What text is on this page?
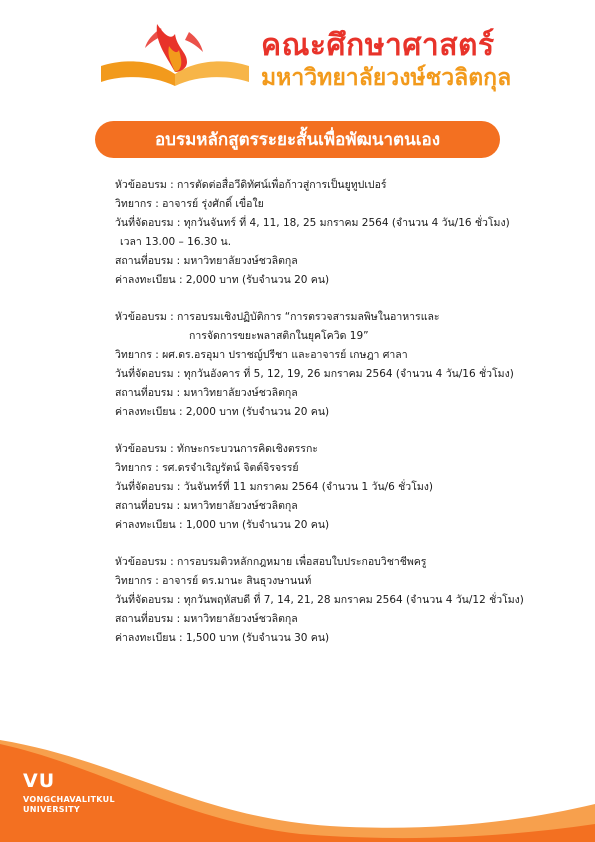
คณะศึกษาศาสตร์
มหาวิทยาลัยวงษ์ชวลิตกุล
อบรมหลักสูตรระยะสั้นเพื่อพัฒนาตนเอง
หัวข้ออบรม : การตัดต่อสื่อวีดิทัศน์เพื่อก้าวสู่การเป็นยูทูปเปอร์
วิทยากร : อาจารย์ รุ่งศักดิ์ เขื่อใย
วันที่จัดอบรม : ทุกวันจันทร์ ที่ 4, 11, 18, 25 มกราคม 2564 (จำนวน 4 วัน/16 ชั่วโมง)
เวลา 13.00 – 16.30 น.
สถานที่อบรม : มหาวิทยาลัยวงษ์ชวลิตกุล
ค่าลงทะเบียน : 2,000 บาท (รับจำนวน 20 คน)
หัวข้ออบรม : การอบรมเชิงปฏิบัติการ “การตรวจสารมลพิษในอาหารและ
การจัดการขยะพลาสติกในยุคโควิด 19”
วิทยากร : ผศ.ดร.อรอุมา ปราชญ์ปรีชา และอาจารย์ เกษฎา ศาลา
วันที่จัดอบรม : ทุกวันอังคาร ที่ 5, 12, 19, 26 มกราคม 2564 (จำนวน 4 วัน/16 ชั่วโมง)
สถานที่อบรม : มหาวิทยาลัยวงษ์ชวลิตกุล
ค่าลงทะเบียน : 2,000 บาท (รับจำนวน 20 คน)
หัวข้ออบรม : ทักษะกระบวนการคิดเชิงตรรกะ
วิทยากร : รศ.ดรจำเริญรัตน์ จิตต์จิรจรรย์
วันที่จัดอบรม : วันจันทร์ที่ 11 มกราคม 2564 (จำนวน 1 วัน/6 ชั่วโมง)
สถานที่อบรม : มหาวิทยาลัยวงษ์ชวลิตกุล
ค่าลงทะเบียน : 1,000 บาท (รับจำนวน 20 คน)
หัวข้ออบรม : การอบรมติวหลักกฎหมาย เพื่อสอบใบประกอบวิชาชีพครู
วิทยากร : อาจารย์ ดร.มานะ สินธุวงษานนท์
วันที่จัดอบรม : ทุกวันพฤหัสบดี ที่ 7, 14, 21, 28 มกราคม 2564 (จำนวน 4 วัน/12 ชั่วโมง)
สถานที่อบรม : มหาวิทยาลัยวงษ์ชวลิตกุล
ค่าลงทะเบียน : 1,500 บาท (รับจำนวน 30 คน)
VU
VONGCHAVALITKUL
UNIVERSITY
